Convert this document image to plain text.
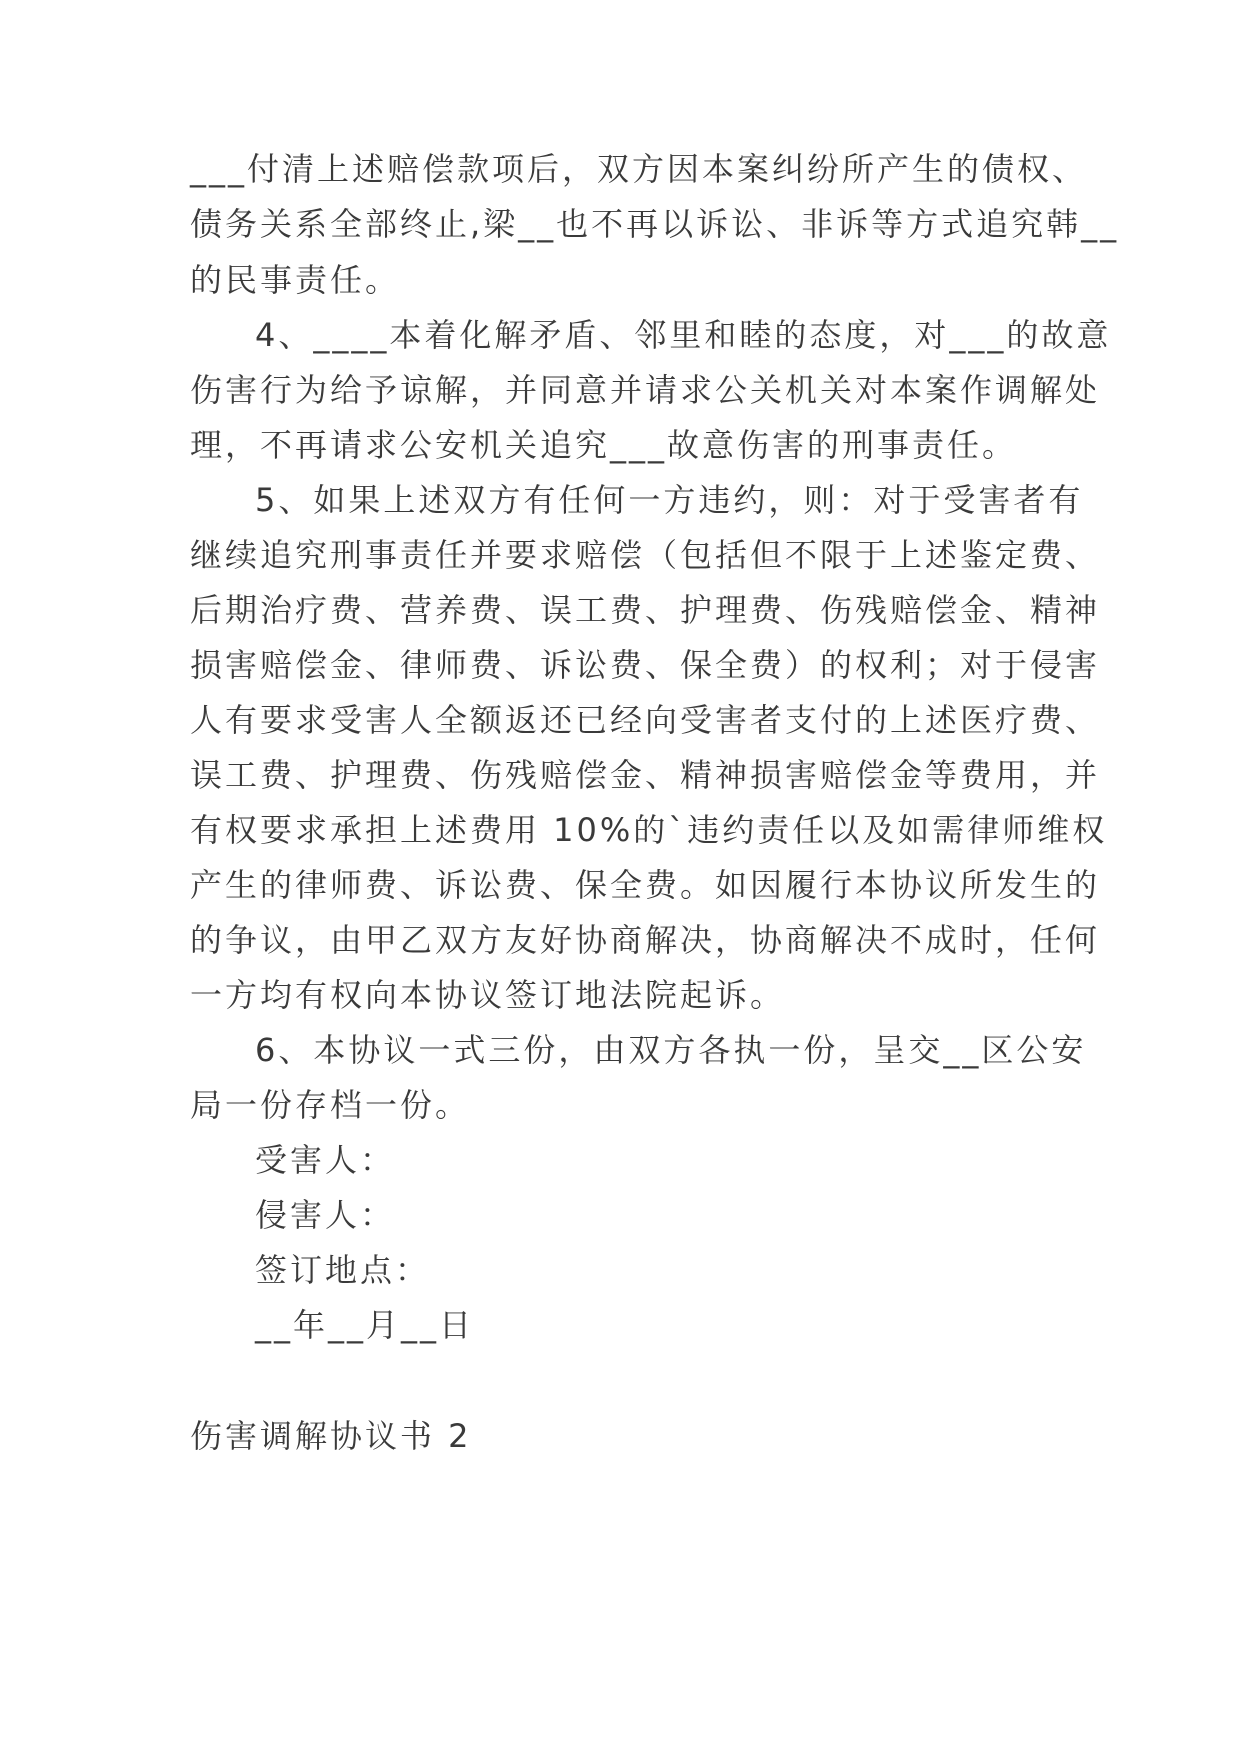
___付清上述赔偿款项后，双方因本案纠纷所产生的债权、

债务关系全部终止,梁__也不再以诉讼、非诉等方式追究韩__

的民事责任。

4、____本着化解矛盾、邻里和睦的态度，对___的故意

伤害行为给予谅解，并同意并请求公关机关对本案作调解处

理，不再请求公安机关追究___故意伤害的刑事责任。

5、如果上述双方有任何一方违约，则：对于受害者有

继续追究刑事责任并要求赔偿（包括但不限于上述鉴定费、

后期治疗费、营养费、误工费、护理费、伤残赔偿金、精神

损害赔偿金、律师费、诉讼费、保全费）的权利；对于侵害

人有要求受害人全额返还已经向受害者支付的上述医疗费、

误工费、护理费、伤残赔偿金、精神损害赔偿金等费用，并

有权要求承担上述费用 10%的`违约责任以及如需律师维权

产生的律师费、诉讼费、保全费。如因履行本协议所发生的

的争议，由甲乙双方友好协商解决，协商解决不成时，任何

一方均有权向本协议签订地法院起诉。

6、本协议一式三份，由双方各执一份，呈交__区公安

局一份存档一份。

受害人：

侵害人：

签订地点：

__年__月__日

伤害调解协议书 2
